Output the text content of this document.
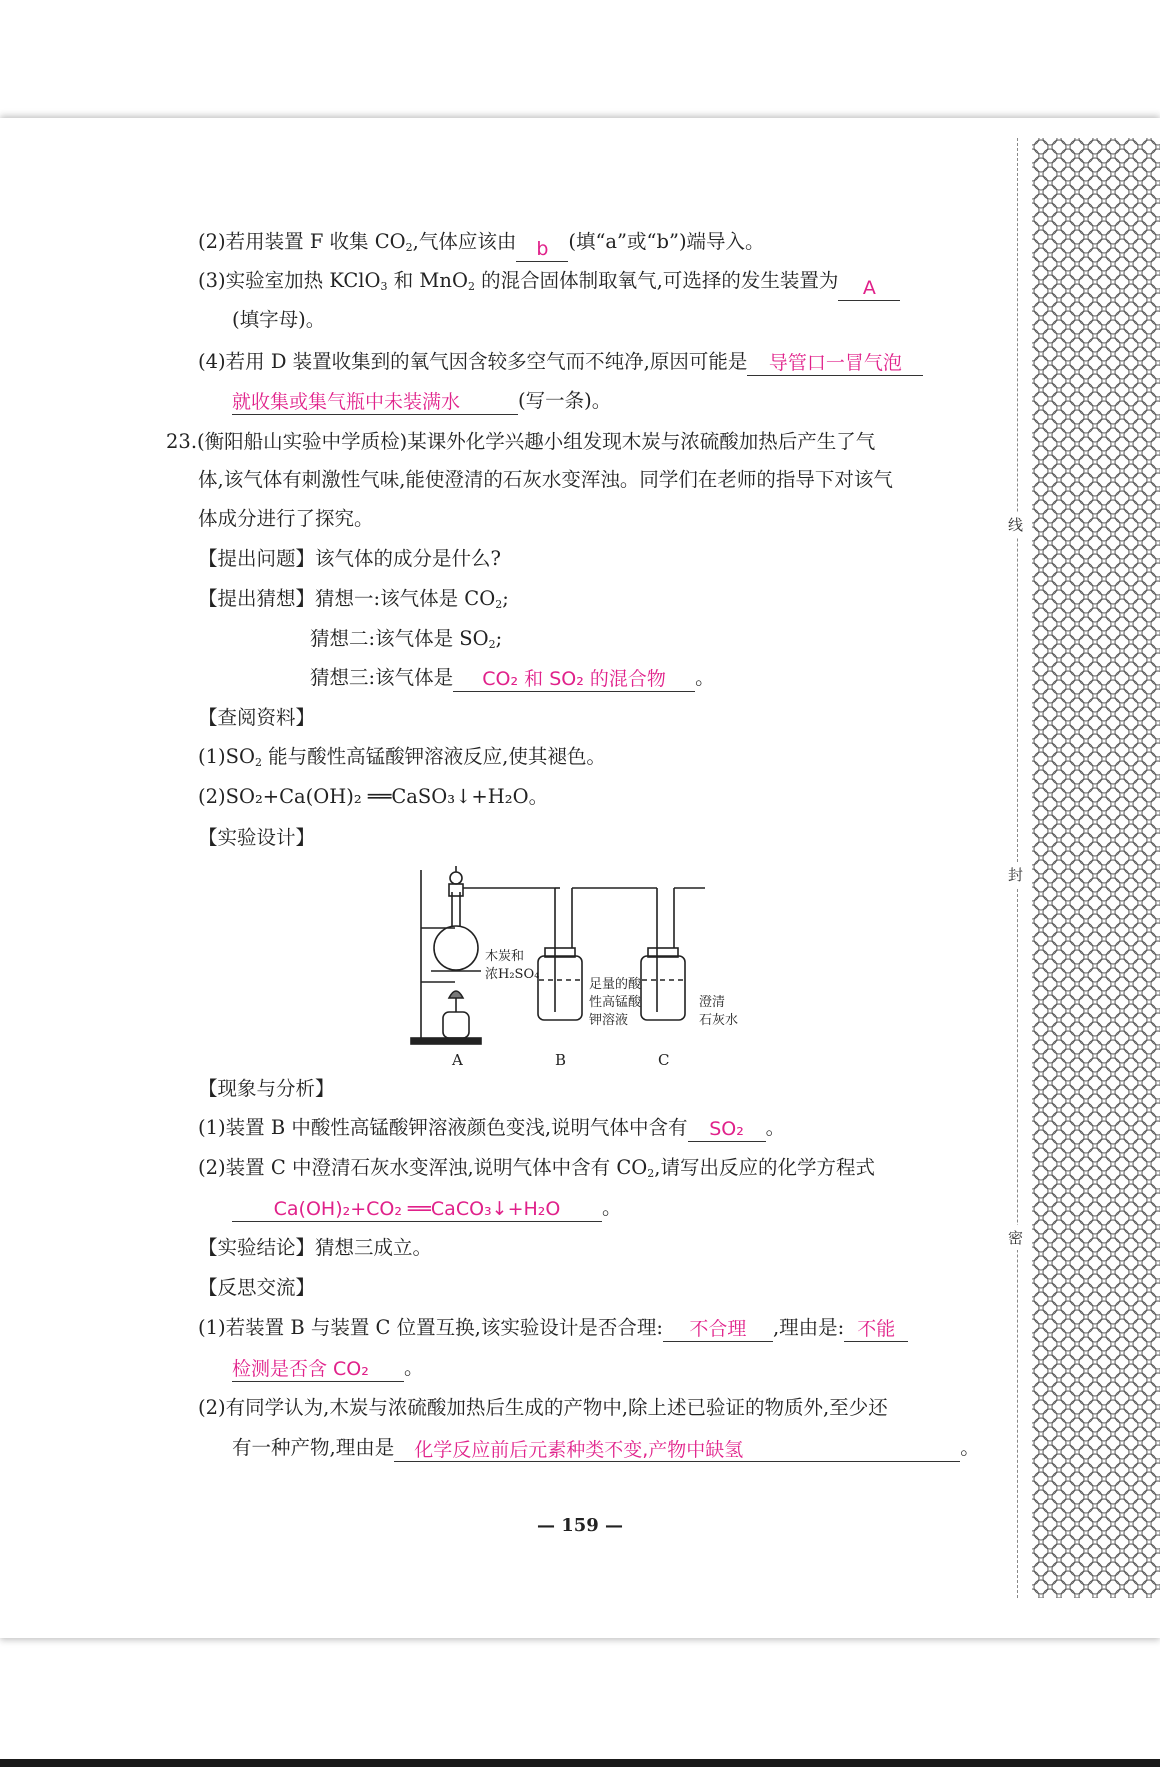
线
封
密
(2)若用装置 F 收集 $CO_2$,气体应该由 b (填“a”或“b”)端导入。
(3)实验室加热 KClO$_3$ 和 MnO$_2$ 的混合固体制取氧气,可选择的发生装置为 A
(填字母)。
(4)若用 D 装置收集到的氧气因含较多空气而不纯净,原因可能是 导管口一冒气泡
就收集或集气瓶中未装满水	(写一条)。
23.(衡阳船山实验中学质检)某课外化学兴趣小组发现木炭与浓硫酸加热后产生了气
体,该气体有刺激性气味,能使澄清的石灰水变浑浊。同学们在老师的指导下对该气
体成分进行了探究。
【提出问题】该气体的成分是什么?
【提出猜想】猜想一:该气体是 $CO_2$;
猜想二:该气体是 $SO_2$;
猜想三:该气体是 CO₂ 和 SO₂ 的混合物 。
【查阅资料】
$(1)SO_2$ 能与酸性高锰酸钾溶液反应,使其褪色。
(2)SO₂+Ca(OH)₂ ══CaSO₃↓+H₂O。
【实验设计】
木炭和
浓H₂SO₄
足量的酸
性高锰酸
钾溶液
澄清
石灰水
A	B	C
【现象与分析】
(1)装置 B 中酸性高锰酸钾溶液颜色变浅,说明气体中含有 SO₂ 。
(2)装置 C 中澄清石灰水变浑浊,说明气体中含有 $CO_2$,请写出反应的化学方程式
Ca(OH)₂+CO₂ ══CaCO₃↓+H₂O 。
【实验结论】猜想三成立。
【反思交流】
(1)若装置 B 与装置 C 位置互换,该实验设计是否合理: 不合理 ,理由是: 不能
检测是否含 CO₂ 。
(2)有同学认为,木炭与浓硫酸加热后生成的产物中,除上述已验证的物质外,至少还
有一种产物,理由是 化学反应前后元素种类不变,产物中缺氢	。
— 159 —
